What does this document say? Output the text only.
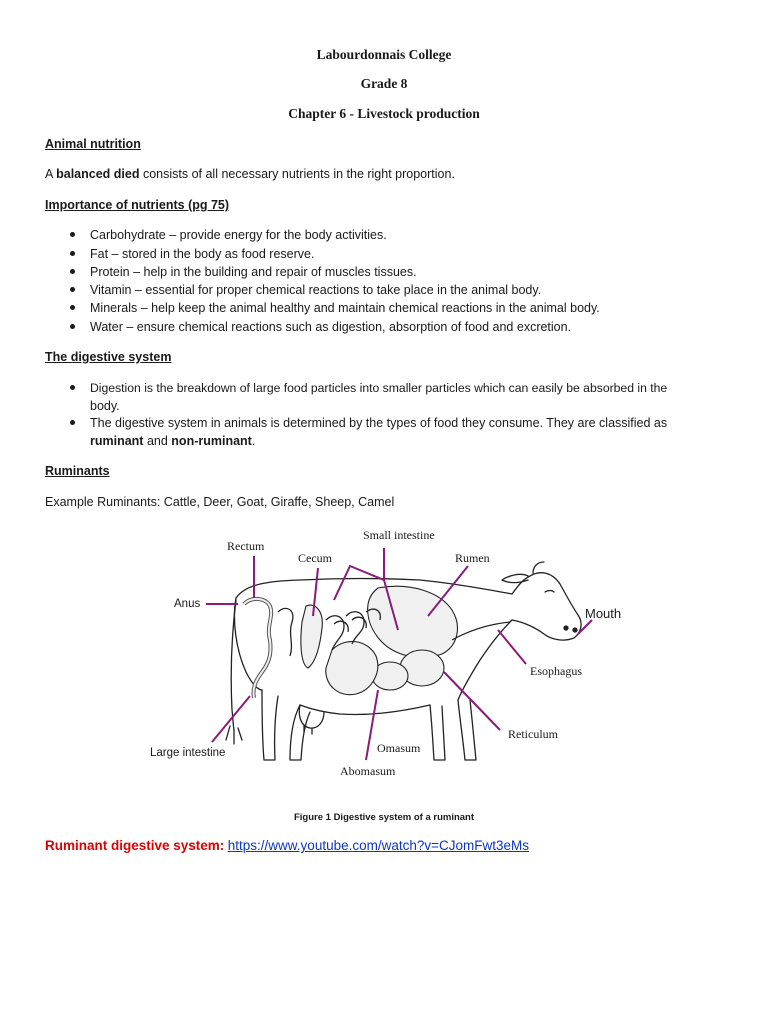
Labourdonnais College
Grade 8
Chapter 6 - Livestock production
Animal nutrition
A balanced died consists of all necessary nutrients in the right proportion.
Importance of nutrients (pg 75)
Carbohydrate – provide energy for the body activities.
Fat – stored in the body as food reserve.
Protein – help in the building and repair of muscles tissues.
Vitamin – essential for proper chemical reactions to take place in the animal body.
Minerals – help keep the animal healthy and maintain chemical reactions in the animal body.
Water – ensure chemical reactions such as digestion, absorption of food and excretion.
The digestive system
Digestion is the breakdown of large food particles into smaller particles which can easily be absorbed in the
body.
The digestive system in animals is determined by the types of food they consume. They are classified as
ruminant and non-ruminant.
Ruminants
Example Ruminants: Cattle, Deer, Goat, Giraffe, Sheep, Camel
Rectum
Cecum
Small intestine
Rumen
Anus
Mouth
Esophagus
Reticulum
Omasum
Abomasum
Large intestine
Figure 1 Digestive system of a ruminant
Ruminant digestive system: https://www.youtube.com/watch?v=CJomFwt3eMs
